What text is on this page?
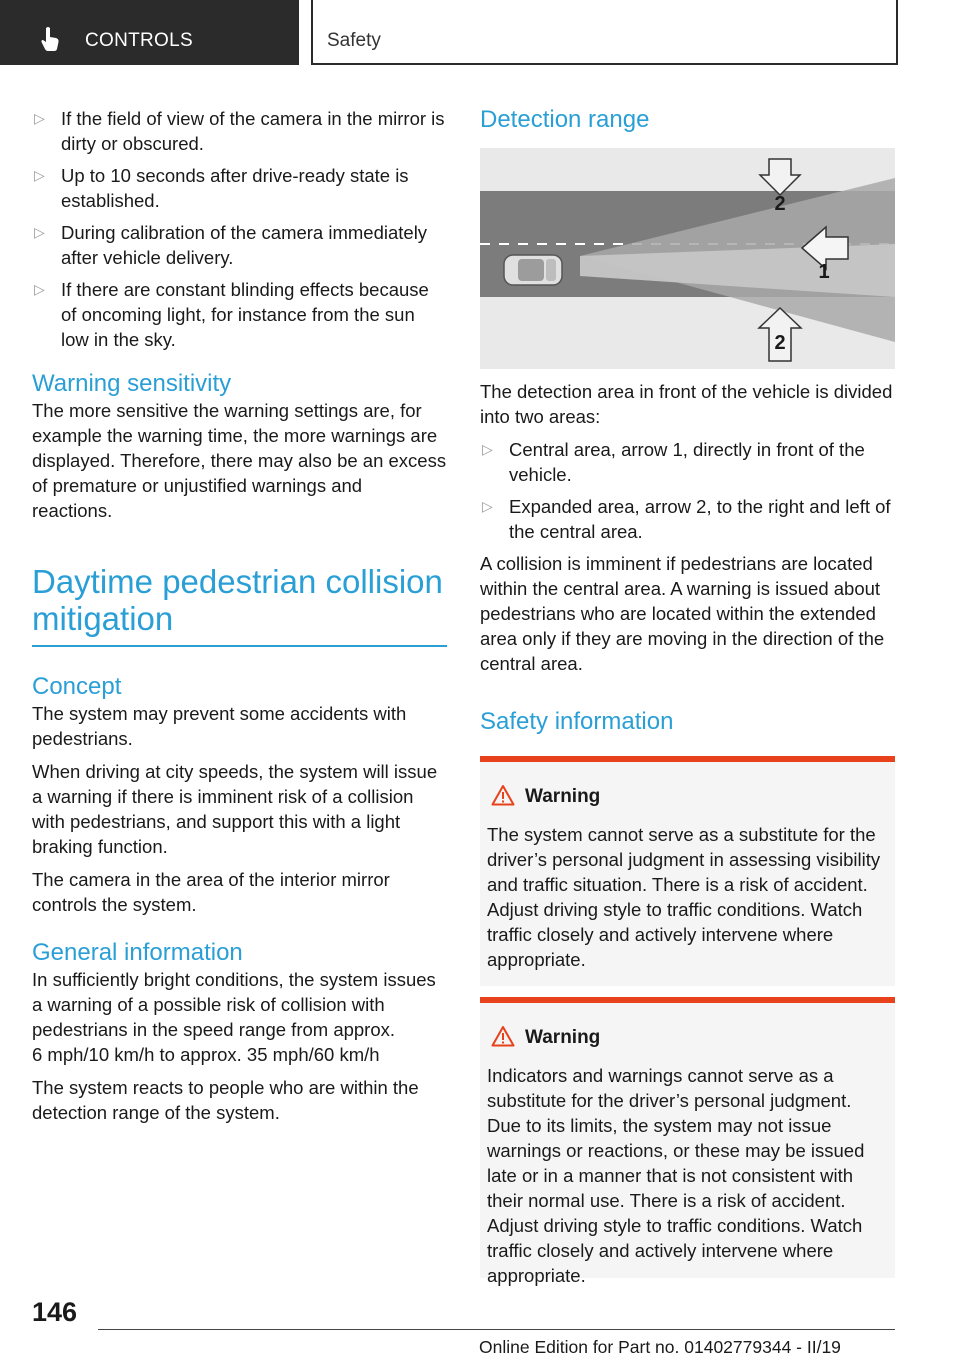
CONTROLS	Safety
▷ If the field of view of the camera in the mirror is dirty or obscured.
▷ Up to 10 seconds after drive-ready state is established.
▷ During calibration of the camera immediately after vehicle delivery.
▷ If there are constant blinding effects because of oncoming light, for instance from the sun low in the sky.
Warning sensitivity

The more sensitive the warning settings are, for example the warning time, the more warnings are displayed. Therefore, there may also be an excess of premature or unjustified warnings and reactions.

Daytime pedestrian collision mitigation
Concept

The system may prevent some accidents with pedestrians.

When driving at city speeds, the system will issue a warning if there is imminent risk of a collision with pedestrians, and support this with a light braking function.

The camera in the area of the interior mirror controls the system.

General information

In sufficiently bright conditions, the system issues a warning of a possible risk of collision with pedestrians in the speed range from approx.

6 mph/10 km/h to approx. 35 mph/60 km/h

The system reacts to people who are within the detection range of the system.

Detection range
2
1
2

The detection area in front of the vehicle is divided into two areas:

▷ Central area, arrow 1, directly in front of the vehicle.
▷ Expanded area, arrow 2, to the right and left of the central area.

A collision is imminent if pedestrians are located within the central area. A warning is issued about pedestrians who are located within the extended area only if they are moving in the direction of the central area.

Safety information
Warning
The system cannot serve as a substitute for the driver’s personal judgment in assessing visibility and traffic situation. There is a risk of accident. Adjust driving style to traffic conditions. Watch traffic closely and actively intervene where appropriate.
Warning
Indicators and warnings cannot serve as a substitute for the driver’s personal judgment. Due to its limits, the system may not issue warnings or reactions, or these may be issued late or in a manner that is not consistent with their normal use. There is a risk of accident. Adjust driving style to traffic conditions. Watch traffic closely and actively intervene where appropriate.
146
Online Edition for Part no. 01402779344 - II/19
